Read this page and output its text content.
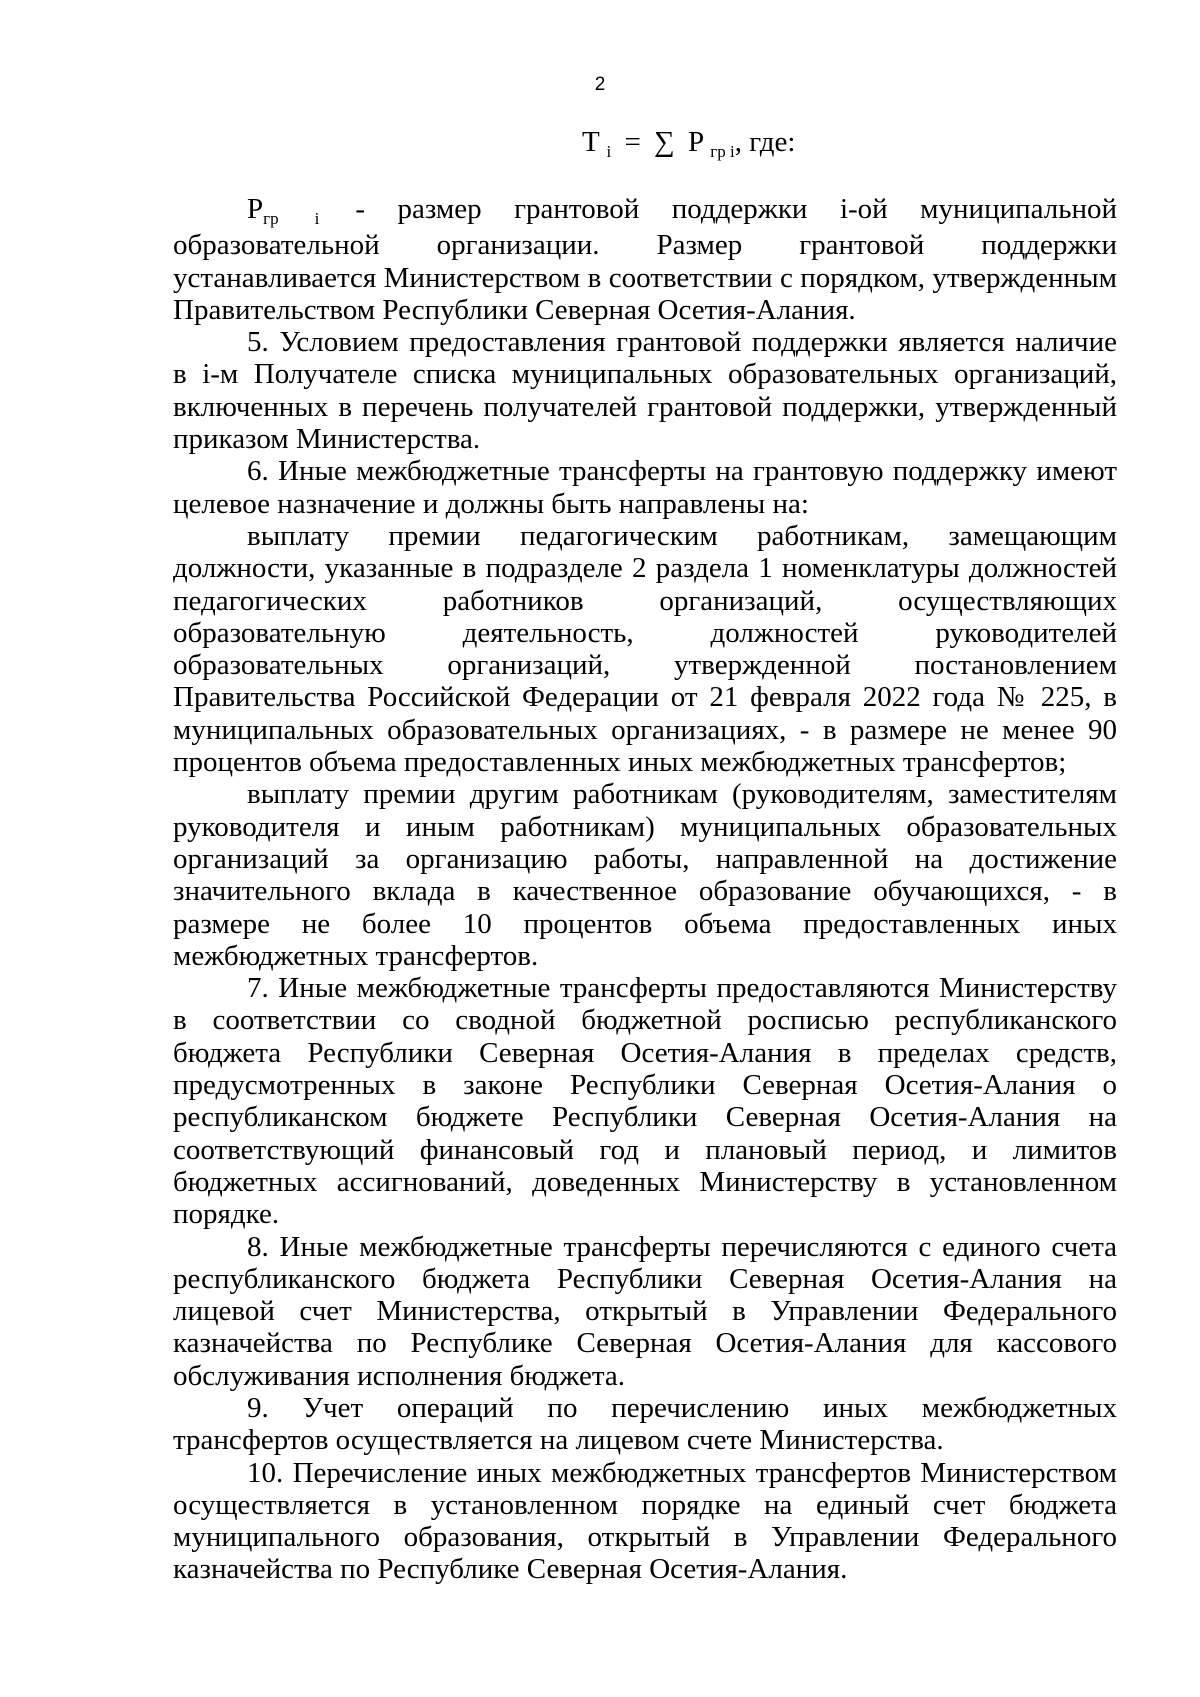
2
T $_i$ = ∑ P $_{гр i}$, где:

$P_{гр}$ $_i$ - размер грантовой поддержки i-ой муниципальной образовательной организации. Размер грантовой поддержки устанавливается Министерством в соответствии с порядком, утвержденным Правительством Республики Северная Осетия-Алания.

5. Условием предоставления грантовой поддержки является наличие в i-м Получателе списка муниципальных образовательных организаций, включенных в перечень получателей грантовой поддержки, утвержденный приказом Министерства.

6. Иные межбюджетные трансферты на грантовую поддержку имеют целевое назначение и должны быть направлены на:

выплату премии педагогическим работникам, замещающим должности, указанные в подразделе 2 раздела 1 номенклатуры должностей педагогических работников организаций, осуществляющих образовательную деятельность, должностей руководителей образовательных организаций, утвержденной постановлением Правительства Российской Федерации от 21 февраля 2022 года № 225, в муниципальных образовательных организациях, - в размере не менее 90 процентов объема предоставленных иных межбюджетных трансфертов;

выплату премии другим работникам (руководителям, заместителям руководителя и иным работникам) муниципальных образовательных организаций за организацию работы, направленной на достижение значительного вклада в качественное образование обучающихся, - в размере не более 10 процентов объема предоставленных иных межбюджетных трансфертов.

7. Иные межбюджетные трансферты предоставляются Министерству в соответствии со сводной бюджетной росписью республиканского бюджета Республики Северная Осетия-Алания в пределах средств, предусмотренных в законе Республики Северная Осетия-Алания о республиканском бюджете Республики Северная Осетия-Алания на соответствующий финансовый год и плановый период, и лимитов бюджетных ассигнований, доведенных Министерству в установленном порядке.

8. Иные межбюджетные трансферты перечисляются с единого счета республиканского бюджета Республики Северная Осетия-Алания на лицевой счет Министерства, открытый в Управлении Федерального казначейства по Республике Северная Осетия-Алания для кассового обслуживания исполнения бюджета.

9. Учет операций по перечислению иных межбюджетных трансфертов осуществляется на лицевом счете Министерства.

10. Перечисление иных межбюджетных трансфертов Министерством осуществляется в установленном порядке на единый счет бюджета муниципального образования, открытый в Управлении Федерального казначейства по Республике Северная Осетия-Алания.
